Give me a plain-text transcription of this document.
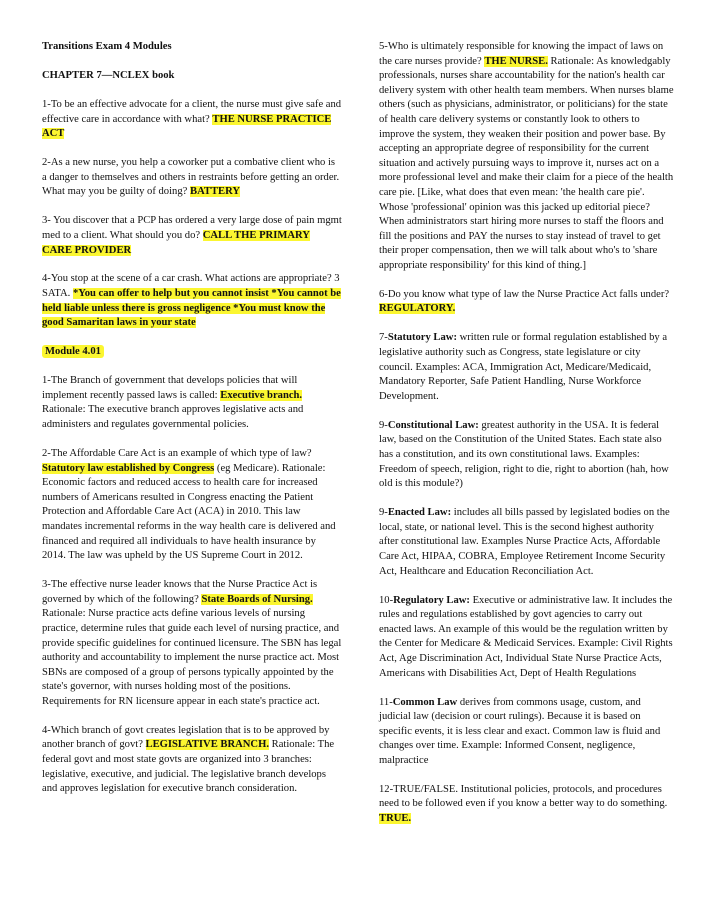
Transitions Exam 4 Modules

CHAPTER 7—NCLEX book

1-To be an effective advocate for a client, the nurse must give safe and effective care in accordance with what? THE NURSE PRACTICE ACT

2-As a new nurse, you help a coworker put a combative client who is a danger to themselves and others in restraints before getting an order. What may you be guilty of doing? BATTERY

3- You discover that a PCP has ordered a very large dose of pain mgmt med to a client. What should you do? CALL THE PRIMARY CARE PROVIDER

4-You stop at the scene of a car crash. What actions are appropriate? 3 SATA. *You can offer to help but you cannot insist *You cannot be held liable unless there is gross negligence *You must know the good Samaritan laws in your state

Module 4.01

1-The Branch of government that develops policies that will implement recently passed laws is called: Executive branch. Rationale: The executive branch approves legislative acts and administers and regulates governmental policies.

2-The Affordable Care Act is an example of which type of law? Statutory law established by Congress (eg Medicare). Rationale: Economic factors and reduced access to health care for increased numbers of Americans resulted in Congress enacting the Patient Protection and Affordable Care Act (ACA) in 2010. This law mandates incremental reforms in the way health care is delivered and financed and required all individuals to have health insurance by 2014. The law was upheld by the US Supreme Court in 2012.

3-The effective nurse leader knows that the Nurse Practice Act is governed by which of the following? State Boards of Nursing. Rationale: Nurse practice acts define various levels of nursing practice, determine rules that guide each level of nursing practice, and provide specific guidelines for continued licensure. The SBN has legal authority and accountability to implement the nurse practice act. Most SBNs are composed of a group of persons typically appointed by the state's governor, with nurses holding most of the positions. Requirements for RN licensure appear in each state's practice act.

4-Which branch of govt creates legislation that is to be approved by another branch of govt? LEGISLATIVE BRANCH. Rationale: The federal govt and most state govts are organized into 3 branches: legislative, executive, and judicial. The legislative branch develops and approves legislation for executive branch consideration.

5-Who is ultimately responsible for knowing the impact of laws on the care nurses provide? THE NURSE. Rationale: As knowledgably professionals, nurses share accountability for the nation's health car delivery system with other health team members. When nurses blame others (such as physicians, administrator, or politicians) for the state of health care delivery systems or constantly look to others to improve the system, they weaken their position and power base. By accepting an appropriate degree of responsibility for the current situation and actively pursuing ways to improve it, nurses act on a more professional level and make their claim for a piece of the health care pie. [Like, what does that even mean: 'the health care pie'. Whose 'professional' opinion was this jacked up editorial piece? When administrators start hiring more nurses to staff the floors and fill the positions and PAY the nurses to stay instead of travel to get their proper compensation, then we will talk about who's to 'share appropriate responsibility' for this kind of thing.]

6-Do you know what type of law the Nurse Practice Act falls under? REGULATORY.

7-Statutory Law: written rule or formal regulation established by a legislative authority such as Congress, state legislature or city council. Examples: ACA, Immigration Act, Medicare/Medicaid, Mandatory Reporter, Safe Patient Handling, Nurse Workforce Development.

9-Constitutional Law: greatest authority in the USA. It is federal law, based on the Constitution of the United States. Each state also has a constitution, and its own constitutional laws. Examples: Freedom of speech, religion, right to die, right to abortion (hah, how old is this module?)

9-Enacted Law: includes all bills passed by legislated bodies on the local, state, or national level. This is the second highest authority after constitutional law. Examples Nurse Practice Acts, Affordable Care Act, HIPAA, COBRA, Employee Retirement Income Security Act, Healthcare and Education Reconciliation Act.

10-Regulatory Law: Executive or administrative law. It includes the rules and regulations established by govt agencies to carry out enacted laws. An example of this would be the regulation written by the Center for Medicare & Medicaid Services. Example: Civil Rights Act, Age Discrimination Act, Individual State Nurse Practice Acts, Americans with Disabilities Act, Dept of Health Regulations

11-Common Law derives from commons usage, custom, and judicial law (decision or court rulings). Because it is based on specific events, it is less clear and exact. Common law is fluid and changes over time. Example: Informed Consent, negligence, malpractice

12-TRUE/FALSE. Institutional policies, protocols, and procedures need to be followed even if you know a better way to do something. TRUE.
